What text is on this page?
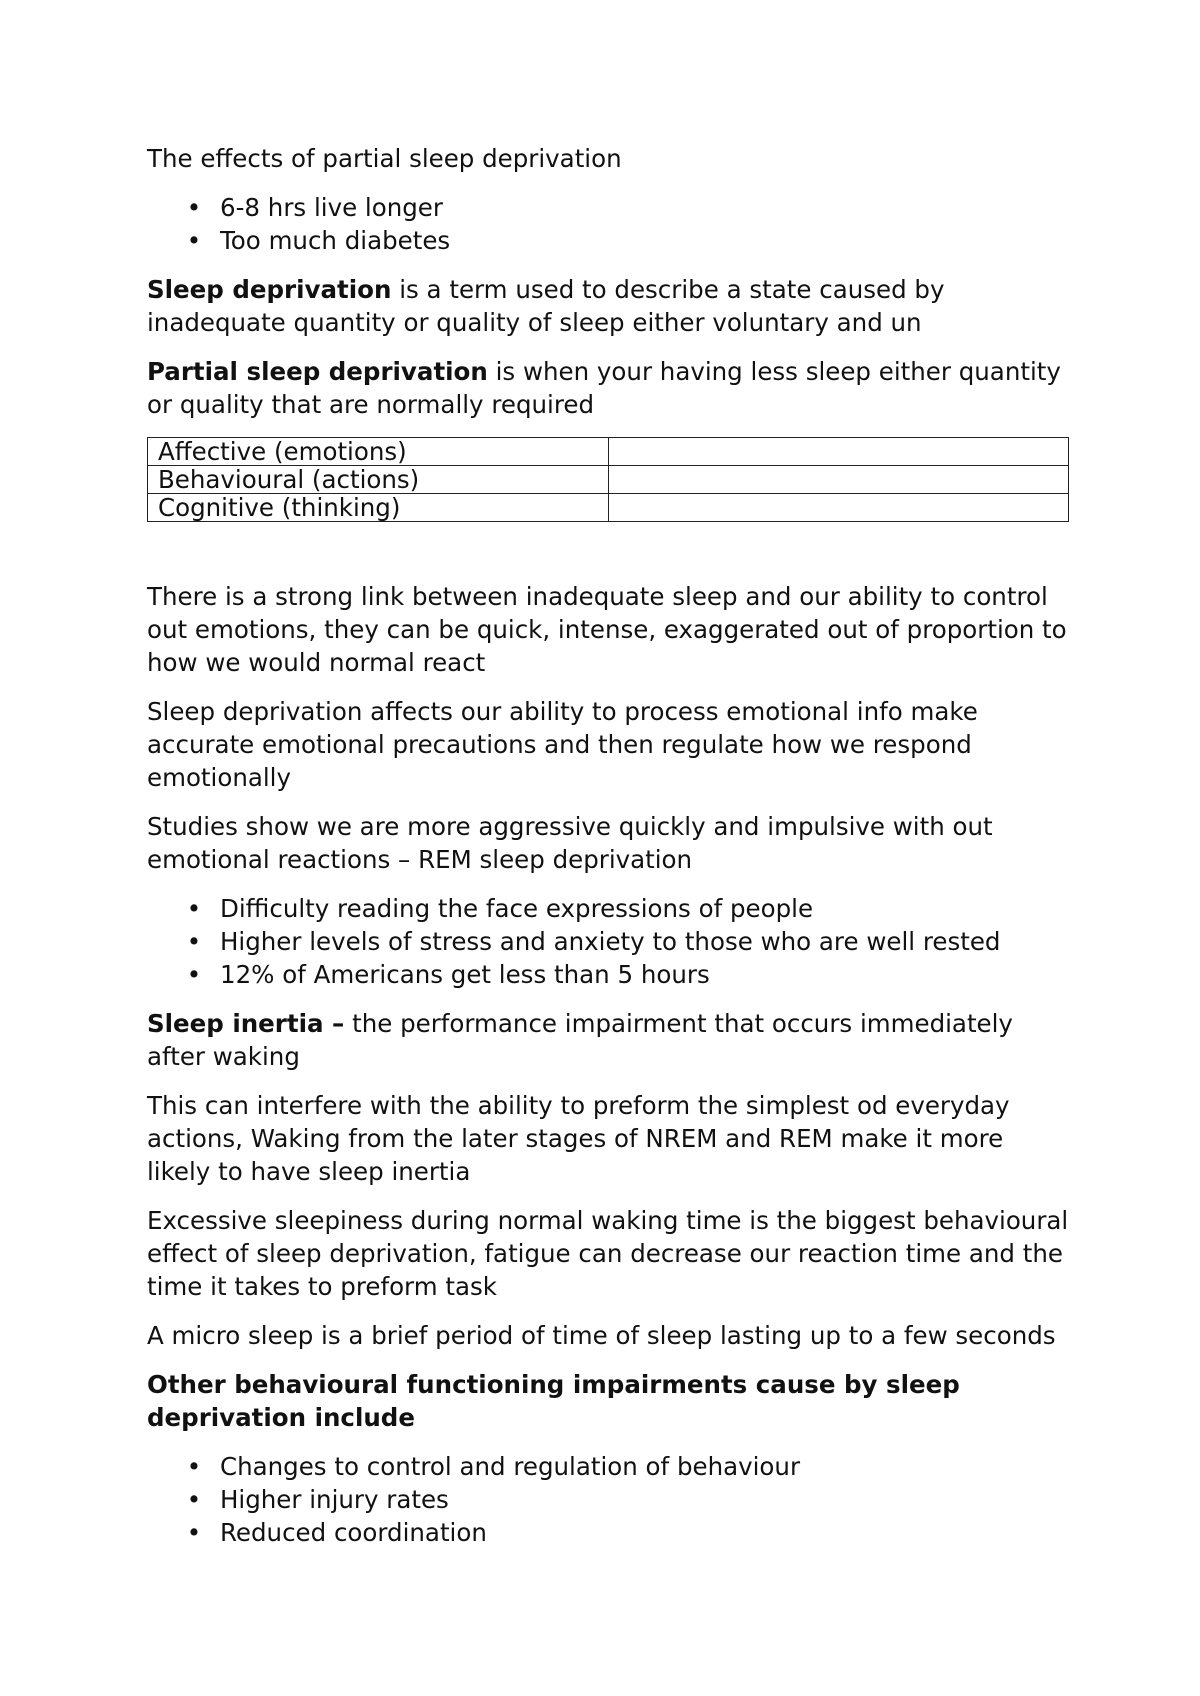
The effects of partial sleep deprivation

• 6-8 hrs live longer
• Too much diabetes

Sleep deprivation is a term used to describe a state caused by inadequate quantity or quality of sleep either voluntary and un

Partial sleep deprivation is when your having less sleep either quantity or quality that are normally required

Affective (emotions)	
Behavioural (actions)	
Cognitive (thinking)	

There is a strong link between inadequate sleep and our ability to control out emotions, they can be quick, intense, exaggerated out of proportion to how we would normal react

Sleep deprivation affects our ability to process emotional info make accurate emotional precautions and then regulate how we respond emotionally

Studies show we are more aggressive quickly and impulsive with out emotional reactions – REM sleep deprivation

• Difficulty reading the face expressions of people
• Higher levels of stress and anxiety to those who are well rested
• 12% of Americans get less than 5 hours

Sleep inertia – the performance impairment that occurs immediately after waking

This can interfere with the ability to preform the simplest od everyday actions, Waking from the later stages of NREM and REM make it more likely to have sleep inertia

Excessive sleepiness during normal waking time is the biggest behavioural effect of sleep deprivation, fatigue can decrease our reaction time and the time it takes to preform task

A micro sleep is a brief period of time of sleep lasting up to a few seconds

Other behavioural functioning impairments cause by sleep deprivation include

• Changes to control and regulation of behaviour
• Higher injury rates
• Reduced coordination
